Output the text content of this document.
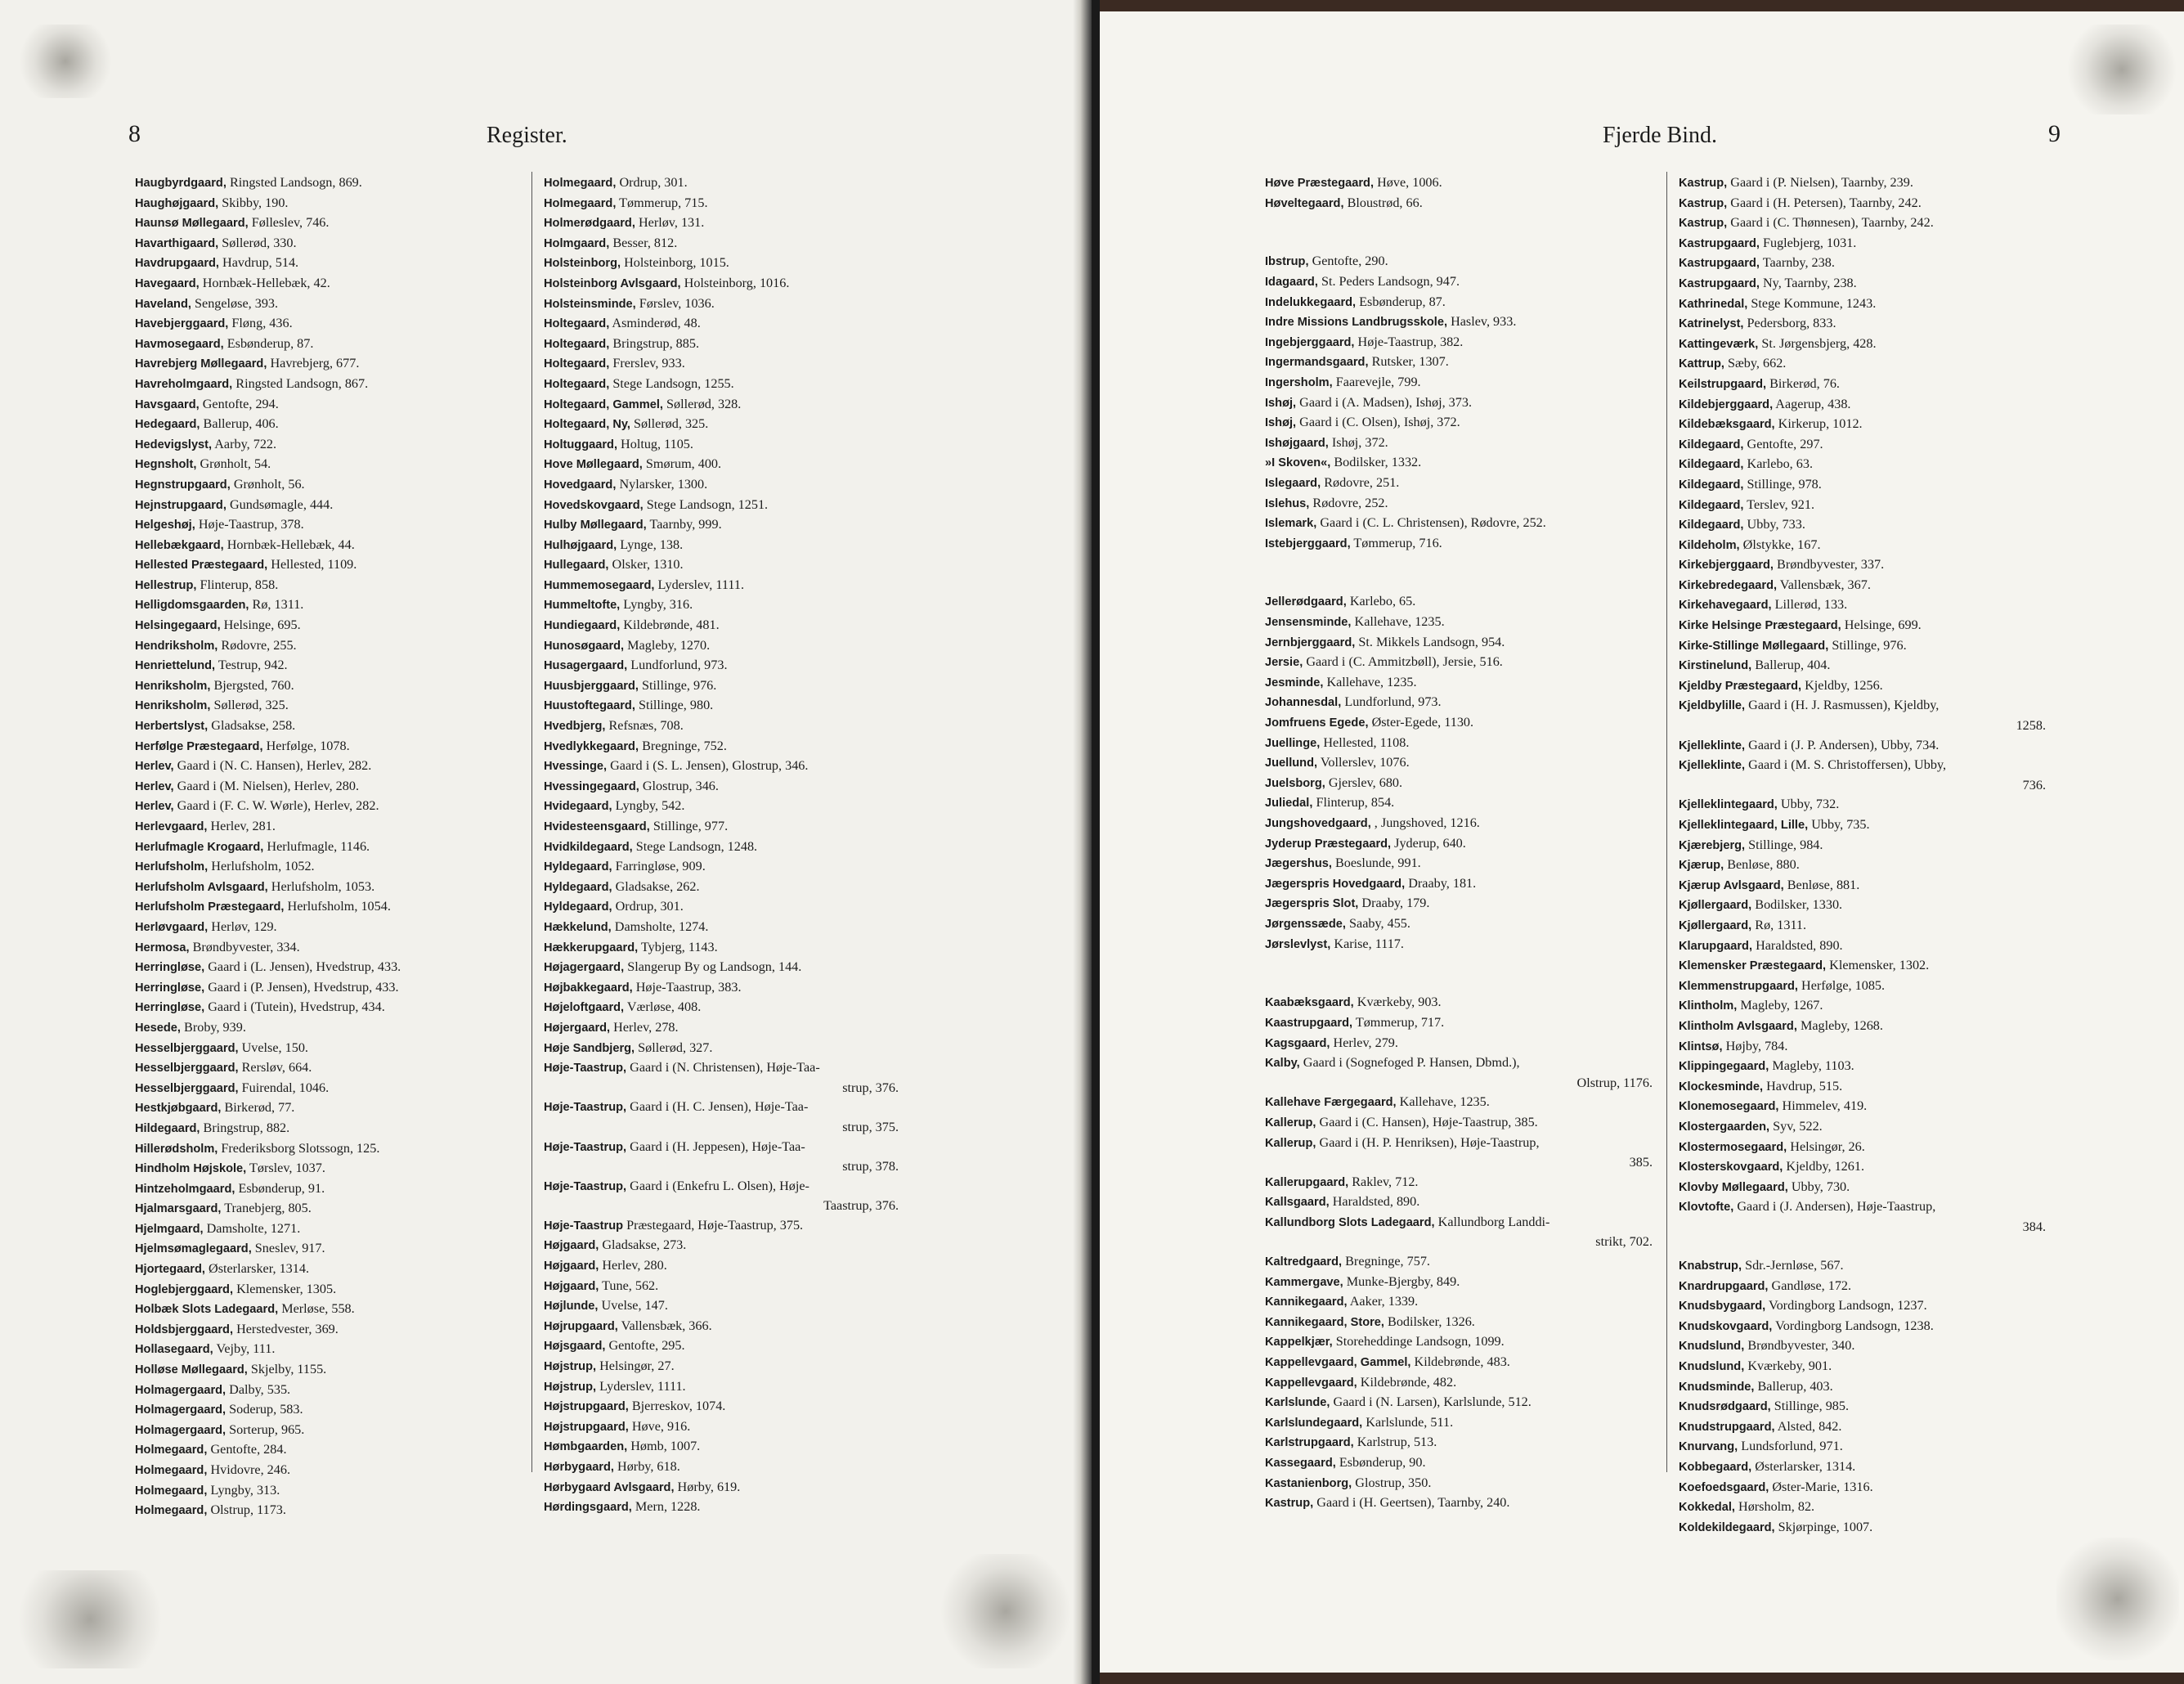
8	Register.
Haugbyrdgaard, Ringsted Landsogn, 869.
Haughøjgaard, Skibby, 190.
Haunsø Møllegaard, Følleslev, 746.
Havarthigaard, Søllerød, 330.
Havdrupgaard, Havdrup, 514.
Havegaard, Hornbæk-Hellebæk, 42.
Haveland, Sengeløse, 393.
Havebjerggaard, Fløng, 436.
Havmosegaard, Esbønderup, 87.
Havrebjerg Møllegaard, Havrebjerg, 677.
Havreholmgaard, Ringsted Landsogn, 867.
Havsgaard, Gentofte, 294.
Hedegaard, Ballerup, 406.
Hedevigslyst, Aarby, 722.
Hegnsholt, Grønholt, 54.
Hegnstrupgaard, Grønholt, 56.
Hejnstrupgaard, Gundsømagle, 444.
Helgeshøj, Høje-Taastrup, 378.
Hellebækgaard, Hornbæk-Hellebæk, 44.
Hellested Præstegaard, Hellested, 1109.
Hellestrup, Flinterup, 858.
Helligdomsgaarden, Rø, 1311.
Helsingegaard, Helsinge, 695.
Hendriksholm, Rødovre, 255.
Henriettelund, Testrup, 942.
Henriksholm, Bjergsted, 760.
Henriksholm, Søllerød, 325.
Herbertslyst, Gladsakse, 258.
Herfølge Præstegaard, Herfølge, 1078.
Herlev, Gaard i (N. C. Hansen), Herlev, 282.
Herlev, Gaard i (M. Nielsen), Herlev, 280.
Herlev, Gaard i (F. C. W. Wørle), Herlev, 282.
Herlevgaard, Herlev, 281.
Herlufmagle Krogaard, Herlufmagle, 1146.
Herlufsholm, Herlufsholm, 1052.
Herlufsholm Avlsgaard, Herlufsholm, 1053.
Herlufsholm Præstegaard, Herlufsholm, 1054.
Herløvgaard, Herløv, 129.
Hermosa, Brøndbyvester, 334.
Herringløse, Gaard i (L. Jensen), Hvedstrup, 433.
Herringløse, Gaard i (P. Jensen), Hvedstrup, 433.
Herringløse, Gaard i (Tutein), Hvedstrup, 434.
Hesede, Broby, 939.
Hesselbjerggaard, Uvelse, 150.
Hesselbjerggaard, Rersløv, 664.
Hesselbjerggaard, Fuirendal, 1046.
Hestkjøbgaard, Birkerød, 77.
Hildegaard, Bringstrup, 882.
Hillerødsholm, Frederiksborg Slotssogn, 125.
Hindholm Højskole, Tørslev, 1037.
Hintzeholmgaard, Esbønderup, 91.
Hjalmarsgaard, Tranebjerg, 805.
Hjelmgaard, Damsholte, 1271.
Hjelmsømaglegaard, Sneslev, 917.
Hjortegaard, Østerlarsker, 1314.
Hoglebjerggaard, Klemensker, 1305.
Holbæk Slots Ladegaard, Merløse, 558.
Holdsbjerggaard, Herstedvester, 369.
Hollasegaard, Vejby, 111.
Holløse Møllegaard, Skjelby, 1155.
Holmagergaard, Dalby, 535.
Holmagergaard, Soderup, 583.
Holmagergaard, Sorterup, 965.
Holmegaard, Gentofte, 284.
Holmegaard, Hvidovre, 246.
Holmegaard, Lyngby, 313.
Holmegaard, Olstrup, 1173.
Holmegaard, Ordrup, 301.
Holmegaard, Tømmerup, 715.
Holmerødgaard, Herløv, 131.
Holmgaard, Besser, 812.
Holsteinborg, Holsteinborg, 1015.
Holsteinborg Avlsgaard, Holsteinborg, 1016.
Holsteinsminde, Førslev, 1036.
Holtegaard, Asminderød, 48.
Holtegaard, Bringstrup, 885.
Holtegaard, Frerslev, 933.
Holtegaard, Stege Landsogn, 1255.
Holtegaard, Gammel, Søllerød, 328.
Holtegaard, Ny, Søllerød, 325.
Holtuggaard, Holtug, 1105.
Hove Møllegaard, Smørum, 400.
Hovedgaard, Nylarsker, 1300.
Hovedskovgaard, Stege Landsogn, 1251.
Hulby Møllegaard, Taarnby, 999.
Hulhøjgaard, Lynge, 138.
Hullegaard, Olsker, 1310.
Hummemosegaard, Lyderslev, 1111.
Hummeltofte, Lyngby, 316.
Hundiegaard, Kildebrønde, 481.
Hunosøgaard, Magleby, 1270.
Husagergaard, Lundforlund, 973.
Huusbjerggaard, Stillinge, 976.
Huustoftegaard, Stillinge, 980.
Hvedbjerg, Refsnæs, 708.
Hvedlykkegaard, Bregninge, 752.
Hvessinge, Gaard i (S. L. Jensen), Glostrup, 346.
Hvessingegaard, Glostrup, 346.
Hvidegaard, Lyngby, 542.
Hvidesteensgaard, Stillinge, 977.
Hvidkildegaard, Stege Landsogn, 1248.
Hyldegaard, Farringløse, 909.
Hyldegaard, Gladsakse, 262.
Hyldegaard, Ordrup, 301.
Hækkelund, Damsholte, 1274.
Hækkerupgaard, Tybjerg, 1143.
Højagergaard, Slangerup By og Landsogn, 144.
Højbakkegaard, Høje-Taastrup, 383.
Højeloftgaard, Værløse, 408.
Højergaard, Herlev, 278.
Høje Sandbjerg, Søllerød, 327.
Høje-Taastrup, Gaard i (N. Christensen), Høje-Taa-
strup, 376.
Høje-Taastrup, Gaard i (H. C. Jensen), Høje-Taa-
strup, 375.
Høje-Taastrup, Gaard i (H. Jeppesen), Høje-Taa-
strup, 378.
Høje-Taastrup, Gaard i (Enkefru L. Olsen), Høje-
Taastrup, 376.
Høje-Taastrup Præstegaard, Høje-Taastrup, 375.
Højgaard, Gladsakse, 273.
Højgaard, Herlev, 280.
Højgaard, Tune, 562.
Højlunde, Uvelse, 147.
Højrupgaard, Vallensbæk, 366.
Højsgaard, Gentofte, 295.
Højstrup, Helsingør, 27.
Højstrup, Lyderslev, 1111.
Højstrupgaard, Bjerreskov, 1074.
Højstrupgaard, Høve, 916.
Hømbgaarden, Hømb, 1007.
Hørbygaard, Hørby, 618.
Hørbygaard Avlsgaard, Hørby, 619.
Hørdingsgaard, Mern, 1228.
Fjerde Bind.	9
Høve Præstegaard, Høve, 1006.
Høveltegaard, Bloustrød, 66.
Ibstrup, Gentofte, 290.
Idagaard, St. Peders Landsogn, 947.
Indelukkegaard, Esbønderup, 87.
Indre Missions Landbrugsskole, Haslev, 933.
Ingebjerggaard, Høje-Taastrup, 382.
Ingermandsgaard, Rutsker, 1307.
Ingersholm, Faarevejle, 799.
Ishøj, Gaard i (A. Madsen), Ishøj, 373.
Ishøj, Gaard i (C. Olsen), Ishøj, 372.
Ishøjgaard, Ishøj, 372.
»I Skoven«, Bodilsker, 1332.
Islegaard, Rødovre, 251.
Islehus, Rødovre, 252.
Islemark, Gaard i (C. L. Christensen), Rødovre, 252.
Istebjerggaard, Tømmerup, 716.
Jellerødgaard, Karlebo, 65.
Jensensminde, Kallehave, 1235.
Jernbjerggaard, St. Mikkels Landsogn, 954.
Jersie, Gaard i (C. Ammitzbøll), Jersie, 516.
Jesminde, Kallehave, 1235.
Johannesdal, Lundforlund, 973.
Jomfruens Egede, Øster-Egede, 1130.
Juellinge, Hellested, 1108.
Juellund, Vollerslev, 1076.
Juelsborg, Gjerslev, 680.
Juliedal, Flinterup, 854.
Jungshovedgaard, , Jungshoved, 1216.
Jyderup Præstegaard, Jyderup, 640.
Jægershus, Boeslunde, 991.
Jægerspris Hovedgaard, Draaby, 181.
Jægerspris Slot, Draaby, 179.
Jørgenssæde, Saaby, 455.
Jørslevlyst, Karise, 1117.
Kaabæksgaard, Kværkeby, 903.
Kaastrupgaard, Tømmerup, 717.
Kagsgaard, Herlev, 279.
Kalby, Gaard i (Sognefoged P. Hansen, Dbmd.),
Olstrup, 1176.
Kallehave Færgegaard, Kallehave, 1235.
Kallerup, Gaard i (C. Hansen), Høje-Taastrup, 385.
Kallerup, Gaard i (H. P. Henriksen), Høje-Taastrup,
385.
Kallerupgaard, Raklev, 712.
Kallsgaard, Haraldsted, 890.
Kallundborg Slots Ladegaard, Kallundborg Landdi-
strikt, 702.
Kaltredgaard, Bregninge, 757.
Kammergave, Munke-Bjergby, 849.
Kannikegaard, Aaker, 1339.
Kannikegaard, Store, Bodilsker, 1326.
Kappelkjær, Storeheddinge Landsogn, 1099.
Kappellevgaard, Gammel, Kildebrønde, 483.
Kappellevgaard, Kildebrønde, 482.
Karlslunde, Gaard i (N. Larsen), Karlslunde, 512.
Karlslundegaard, Karlslunde, 511.
Karlstrupgaard, Karlstrup, 513.
Kassegaard, Esbønderup, 90.
Kastanienborg, Glostrup, 350.
Kastrup, Gaard i (H. Geertsen), Taarnby, 240.
Kastrup, Gaard i (P. Nielsen), Taarnby, 239.
Kastrup, Gaard i (H. Petersen), Taarnby, 242.
Kastrup, Gaard i (C. Thønnesen), Taarnby, 242.
Kastrupgaard, Fuglebjerg, 1031.
Kastrupgaard, Taarnby, 238.
Kastrupgaard, Ny, Taarnby, 238.
Kathrinedal, Stege Kommune, 1243.
Katrinelyst, Pedersborg, 833.
Kattingeværk, St. Jørgensbjerg, 428.
Kattrup, Sæby, 662.
Keilstrupgaard, Birkerød, 76.
Kildebjerggaard, Aagerup, 438.
Kildebæksgaard, Kirkerup, 1012.
Kildegaard, Gentofte, 297.
Kildegaard, Karlebo, 63.
Kildegaard, Stillinge, 978.
Kildegaard, Terslev, 921.
Kildegaard, Ubby, 733.
Kildeholm, Ølstykke, 167.
Kirkebjerggaard, Brøndbyvester, 337.
Kirkebredegaard, Vallensbæk, 367.
Kirkehavegaard, Lillerød, 133.
Kirke Helsinge Præstegaard, Helsinge, 699.
Kirke-Stillinge Møllegaard, Stillinge, 976.
Kirstinelund, Ballerup, 404.
Kjeldby Præstegaard, Kjeldby, 1256.
Kjeldbylille, Gaard i (H. J. Rasmussen), Kjeldby,
1258.
Kjelleklinte, Gaard i (J. P. Andersen), Ubby, 734.
Kjelleklinte, Gaard i (M. S. Christoffersen), Ubby,
736.
Kjelleklintegaard, Ubby, 732.
Kjelleklintegaard, Lille, Ubby, 735.
Kjærebjerg, Stillinge, 984.
Kjærup, Benløse, 880.
Kjærup Avlsgaard, Benløse, 881.
Kjøllergaard, Bodilsker, 1330.
Kjøllergaard, Rø, 1311.
Klarupgaard, Haraldsted, 890.
Klemensker Præstegaard, Klemensker, 1302.
Klemmenstrupgaard, Herfølge, 1085.
Klintholm, Magleby, 1267.
Klintholm Avlsgaard, Magleby, 1268.
Klintsø, Højby, 784.
Klippingegaard, Magleby, 1103.
Klockesminde, Havdrup, 515.
Klonemosegaard, Himmelev, 419.
Klostergaarden, Syv, 522.
Klostermosegaard, Helsingør, 26.
Klosterskovgaard, Kjeldby, 1261.
Klovby Møllegaard, Ubby, 730.
Klovtofte, Gaard i (J. Andersen), Høje-Taastrup,
384.
Knabstrup, Sdr.-Jernløse, 567.
Knardrupgaard, Gandløse, 172.
Knudsbygaard, Vordingborg Landsogn, 1237.
Knudskovgaard, Vordingborg Landsogn, 1238.
Knudslund, Brøndbyvester, 340.
Knudslund, Kværkeby, 901.
Knudsminde, Ballerup, 403.
Knudsrødgaard, Stillinge, 985.
Knudstrupgaard, Alsted, 842.
Knurvang, Lundsforlund, 971.
Kobbegaard, Østerlarsker, 1314.
Koefoedsgaard, Øster-Marie, 1316.
Kokkedal, Hørsholm, 82.
Koldekildegaard, Skjørpinge, 1007.
